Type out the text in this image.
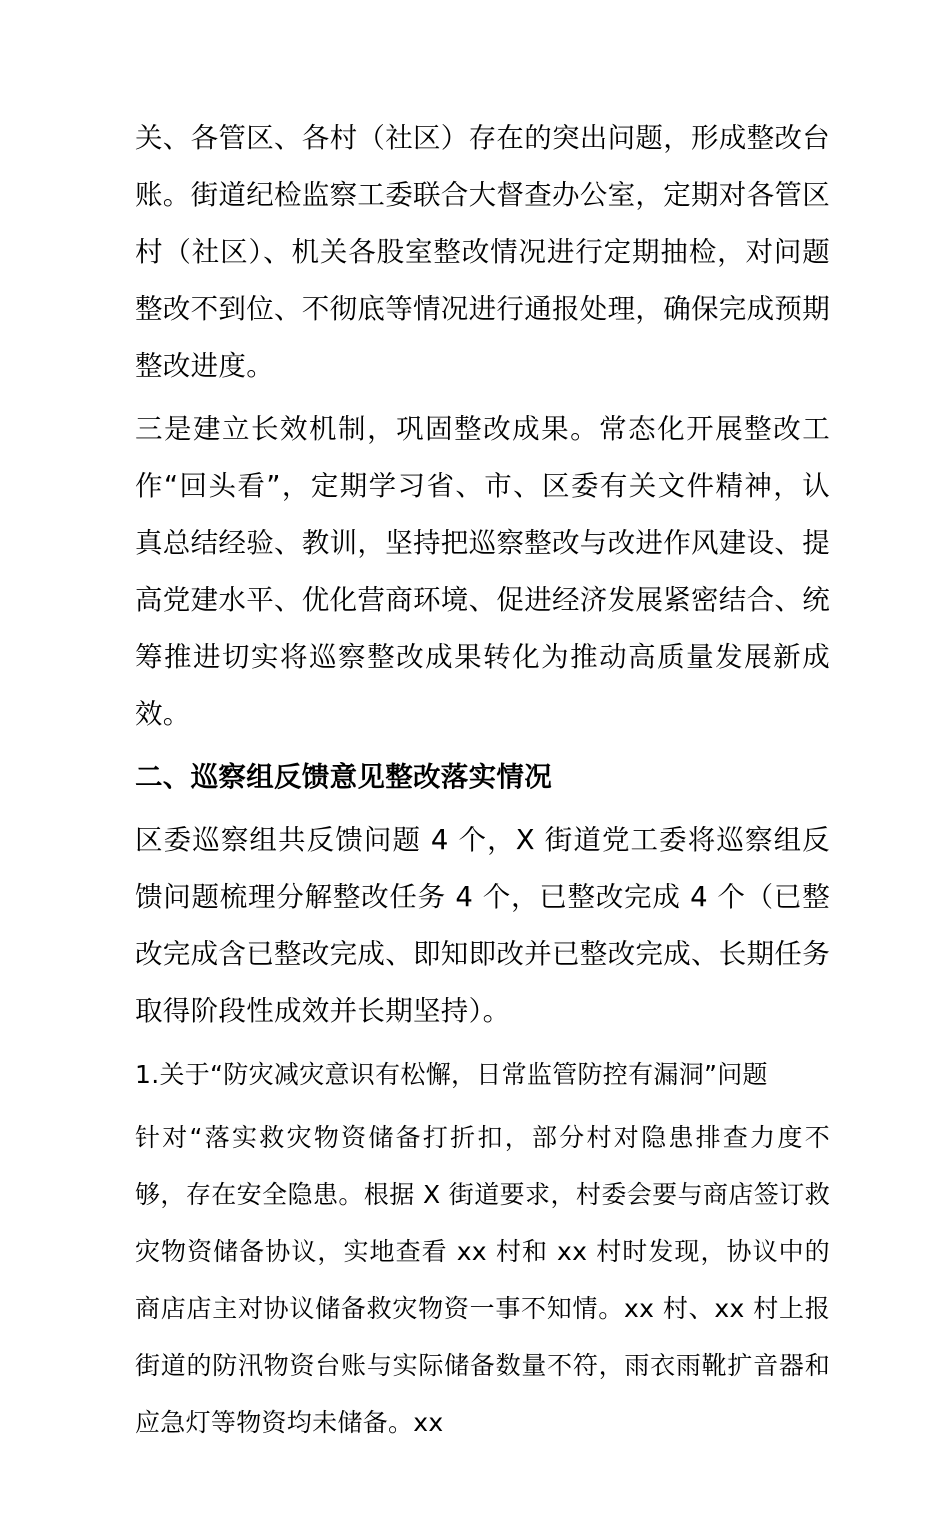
关、各管区、各村（社区）存在的突出问题，形成整改台账。街道纪检监察工委联合大督查办公室，定期对各管区村（社区）、机关各股室整改情况进行定期抽检，对问题整改不到位、不彻底等情况进行通报处理，确保完成预期整改进度。

三是建立长效机制，巩固整改成果。常态化开展整改工作“回头看”，定期学习省、市、区委有关文件精神，认真总结经验、教训，坚持把巡察整改与改进作风建设、提高党建水平、优化营商环境、促进经济发展紧密结合、统筹推进切实将巡察整改成果转化为推动高质量发展新成效。

二、巡察组反馈意见整改落实情况

区委巡察组共反馈问题 4 个，X 街道党工委将巡察组反馈问题梳理分解整改任务 4 个，已整改完成 4 个（已整改完成含已整改完成、即知即改并已整改完成、长期任务取得阶段性成效并长期坚持）。

1.关于“防灾减灾意识有松懈，日常监管防控有漏洞”问题

针对“落实救灾物资储备打折扣，部分村对隐患排查力度不够，存在安全隐患。根据 X 街道要求，村委会要与商店签订救灾物资储备协议，实地查看 xx 村和 xx 村时发现，协议中的商店店主对协议储备救灾物资一事不知情。xx 村、xx 村上报街道的防汛物资台账与实际储备数量不符，雨衣雨靴扩音器和应急灯等物资均未储备。xx
